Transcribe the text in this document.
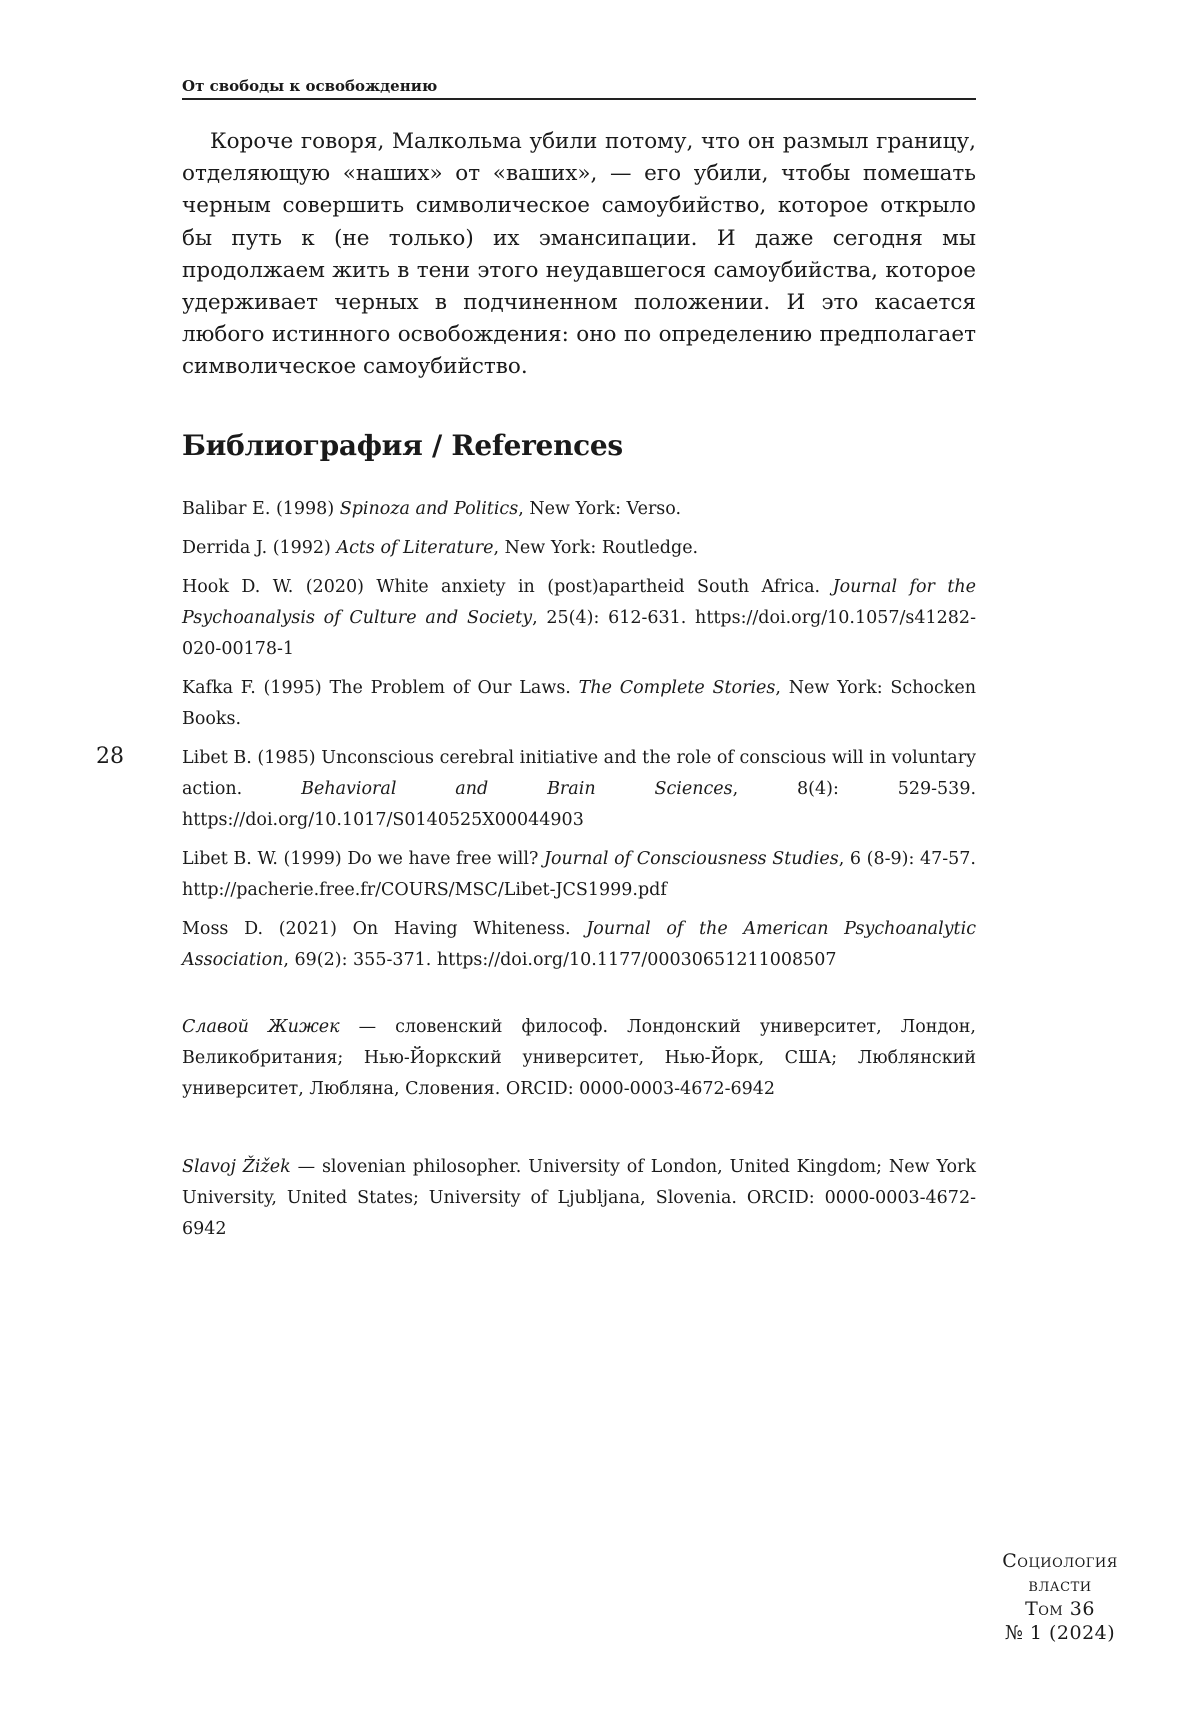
От свободы к освобождению

Короче говоря, Малкольма убили потому, что он размыл границу, отделяющую «наших» от «ваших», — его убили, чтобы помешать черным совершить символическое самоубийство, которое открыло бы путь к (не только) их эмансипации. И даже сегодня мы продолжаем жить в тени этого неудавшегося самоубийства, которое удерживает черных в подчиненном положении. И это касается любого истинного освобождения: оно по определению предполагает символическое самоубийство.

Библиография / References
Balibar E. (1998) Spinoza and Politics, New York: Verso.
Derrida J. (1992) Acts of Literature, New York: Routledge.
Hook D. W. (2020) White anxiety in (post)apartheid South Africa. Journal for the Psychoanalysis of Culture and Society, 25(4): 612-631. https://doi.org/10.1057/s41282-020-00178-1
Kafka F. (1995) The Problem of Our Laws. The Complete Stories, New York: Schocken Books.
Libet B. (1985) Unconscious cerebral initiative and the role of conscious will in voluntary action. Behavioral and Brain Sciences, 8(4): 529-539. https://doi.org/10.1017/S0140525X00044903
Libet B. W. (1999) Do we have free will? Journal of Consciousness Studies, 6 (8-9): 47-57. http://pacherie.free.fr/COURS/MSC/Libet-JCS1999.pdf
Moss D. (2021) On Having Whiteness. Journal of the American Psychoanalytic Association, 69(2): 355-371. https://doi.org/10.1177/00030651211008507

Славой Жижек — словенский философ. Лондонский университет, Лондон, Великобритания; Нью-Йоркский университет, Нью-Йорк, США; Люблянский университет, Любляна, Словения. ORCID: 0000-0003-4672-6942

Slavoj Žižek — slovenian philosopher. University of London, United Kingdom; New York University, United States; University of Ljubljana, Slovenia. ORCID: 0000-0003-4672-6942

28
Социология
власти
Том 36
№ 1 (2024)
